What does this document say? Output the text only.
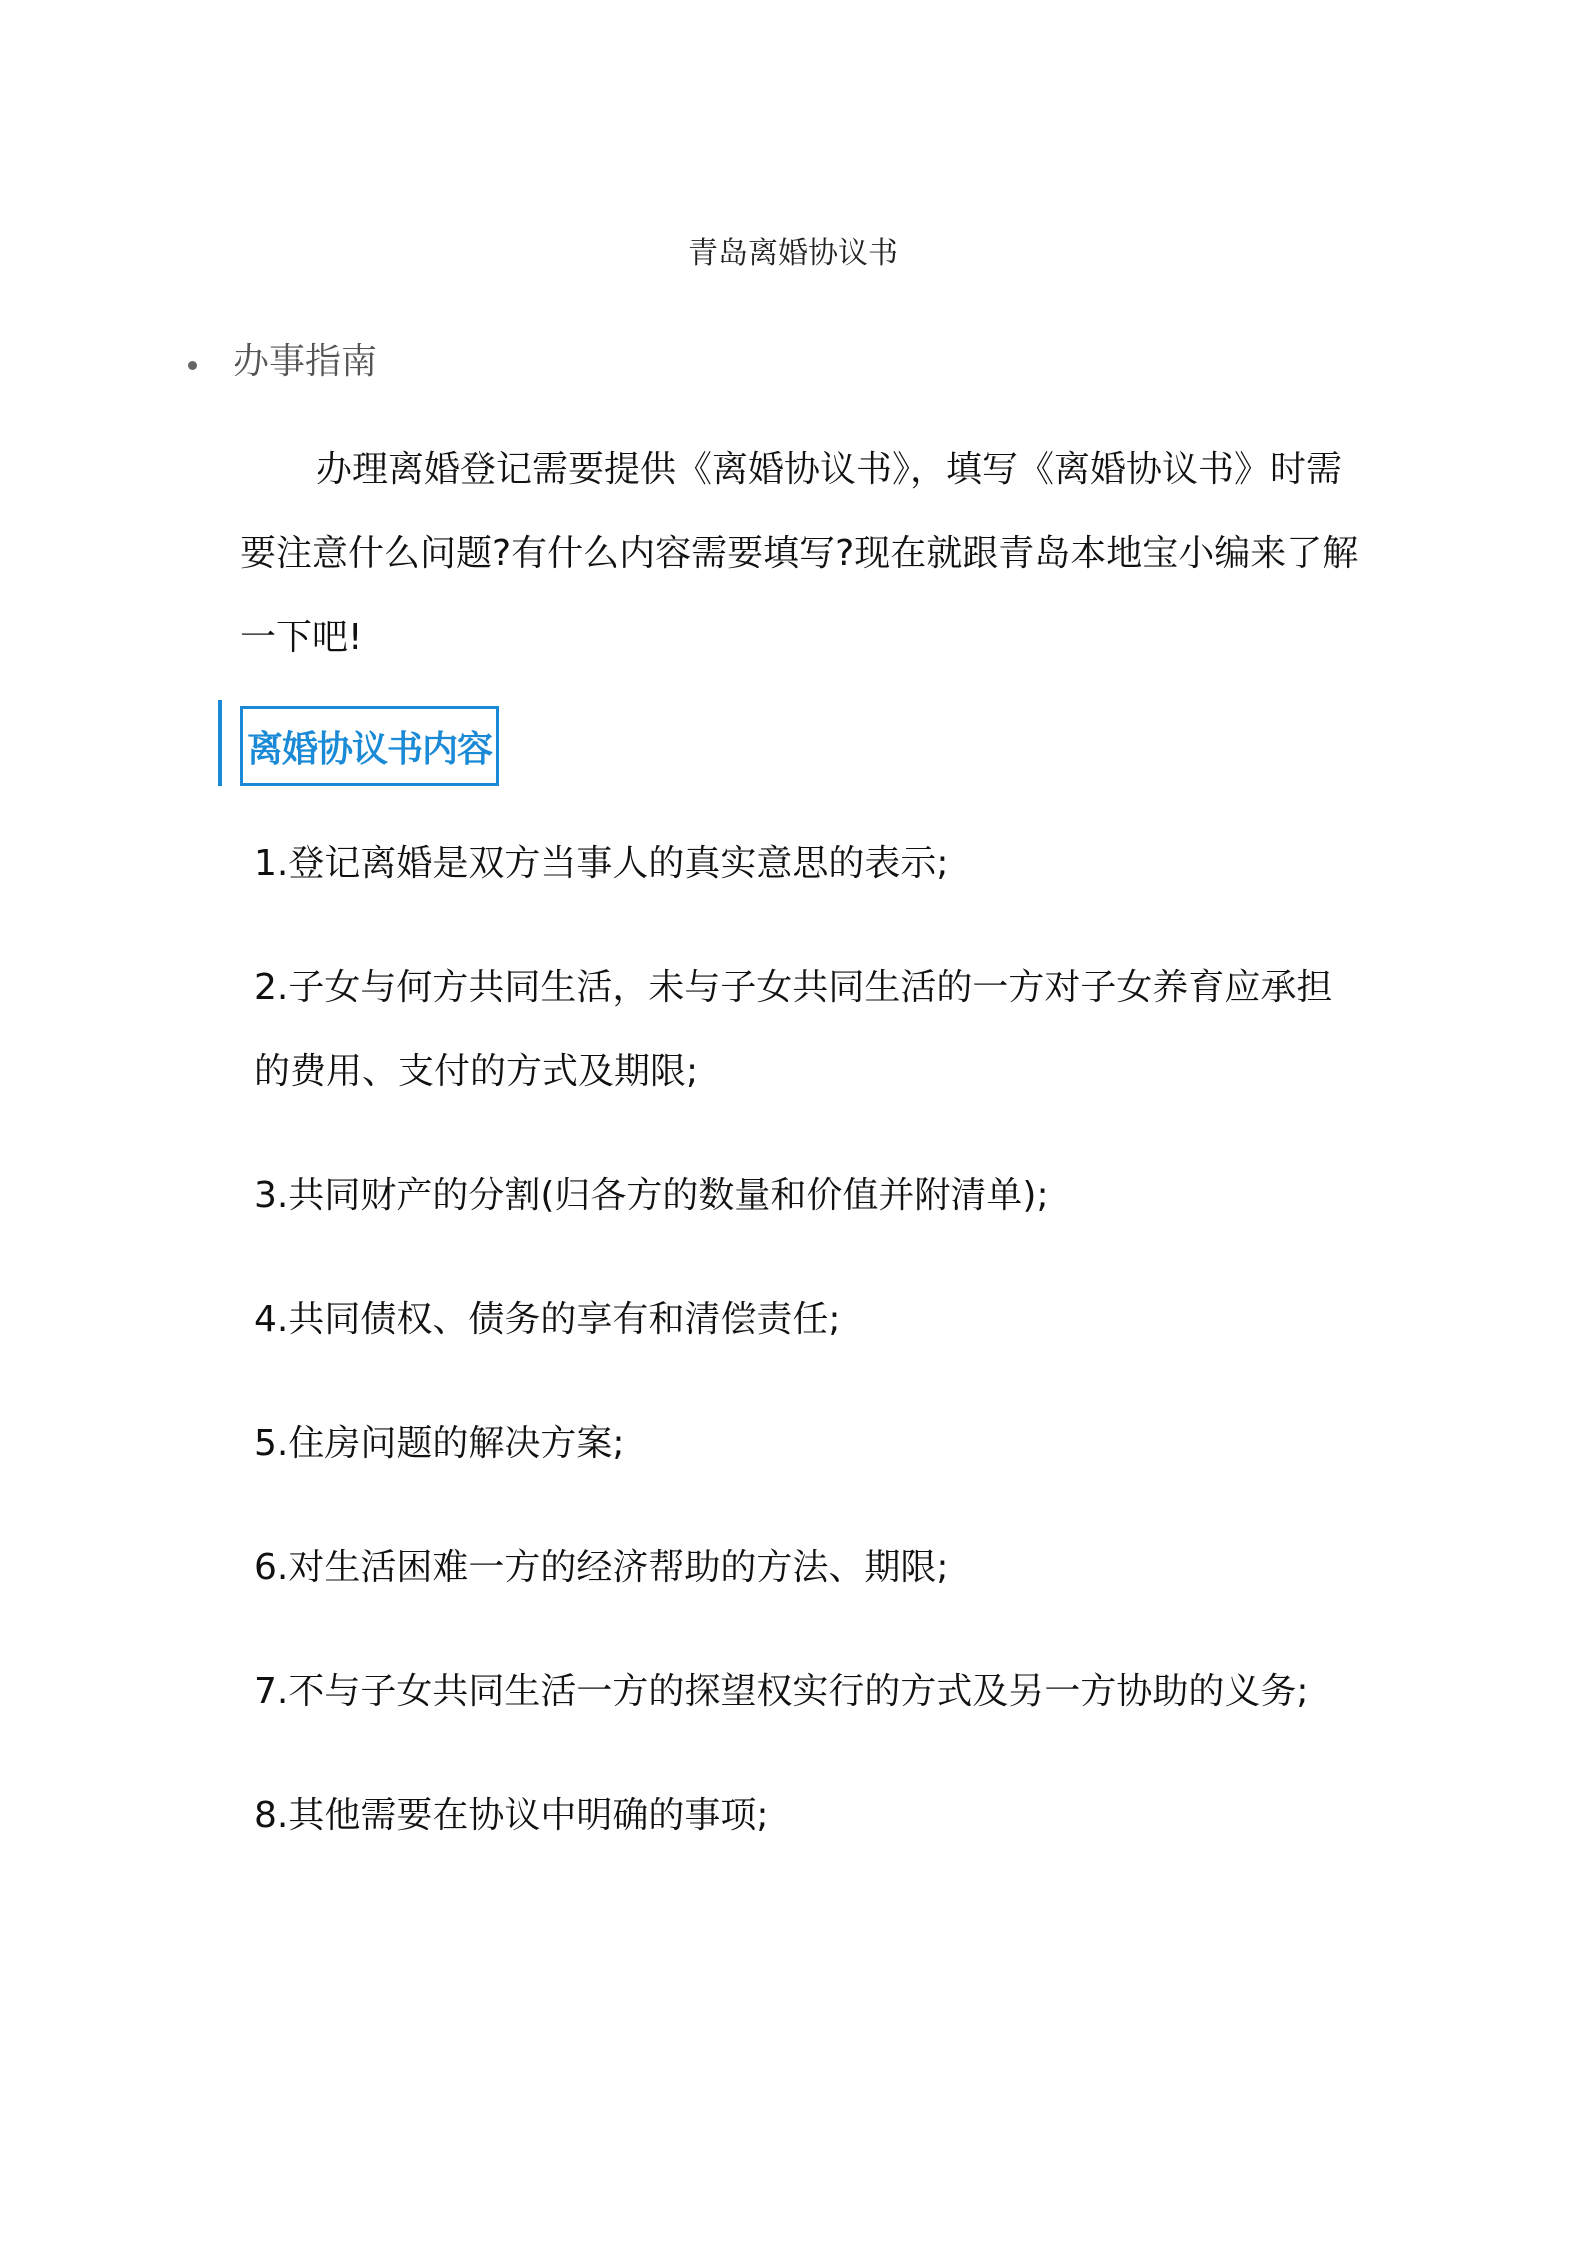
青岛离婚协议书
办事指南

办理离婚登记需要提供《离婚协议书》，填写《离婚协议书》时需要注意什么问题?有什么内容需要填写?现在就跟青岛本地宝小编来了解一下吧!

离婚协议书内容
1.登记离婚是双方当事人的真实意思的表示;
2.子女与何方共同生活，未与子女共同生活的一方对子女养育应承担的费用、支付的方式及期限;
3.共同财产的分割(归各方的数量和价值并附清单);
4.共同债权、债务的享有和清偿责任;
5.住房问题的解决方案;
6.对生活困难一方的经济帮助的方法、期限;
7.不与子女共同生活一方的探望权实行的方式及另一方协助的义务;
8.其他需要在协议中明确的事项;
